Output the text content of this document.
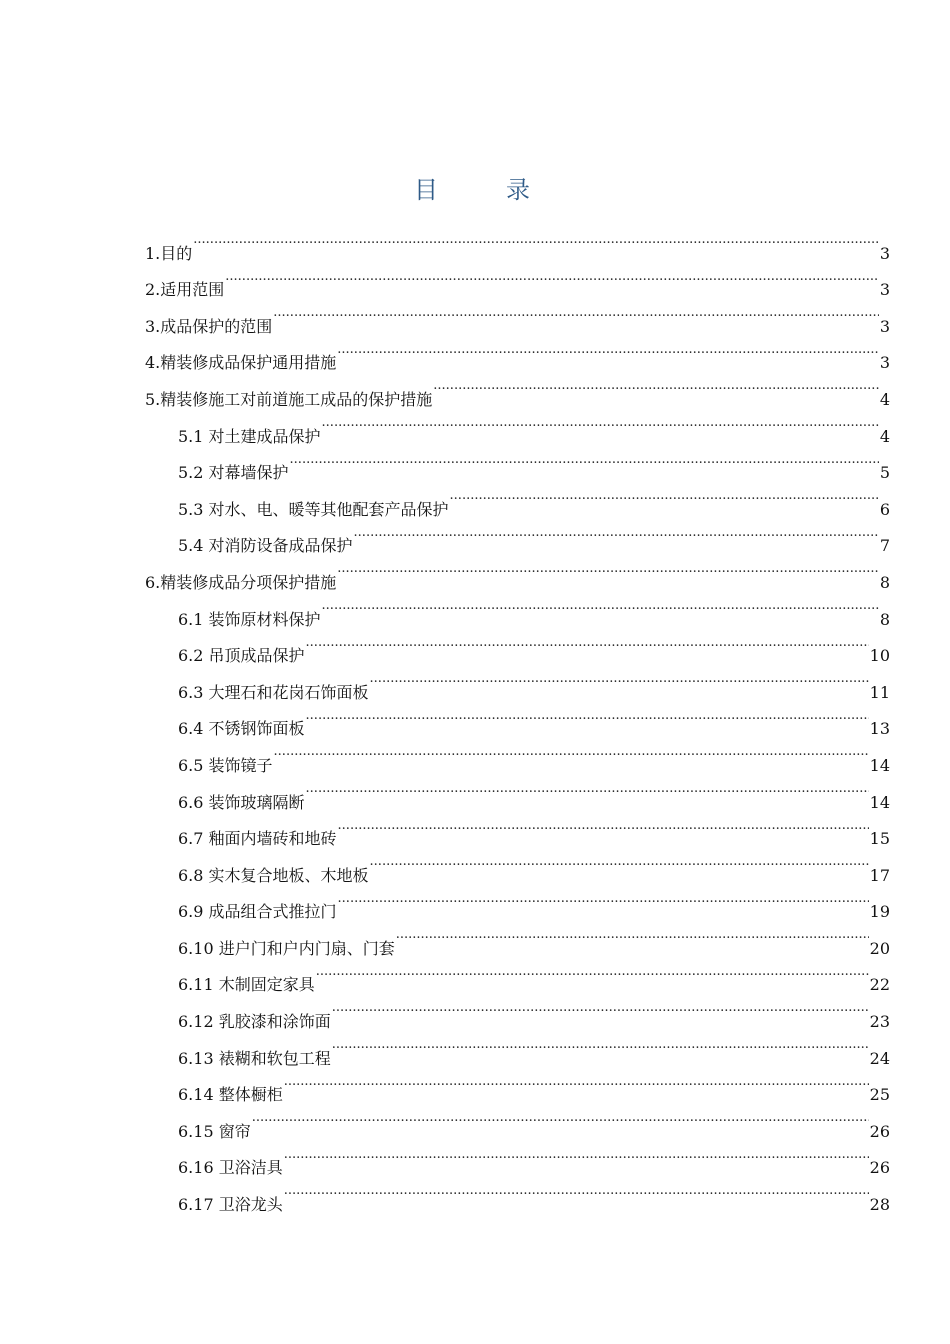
目　录
1.目的 .....	3
2.适用范围 .....	3
3.成品保护的范围 .....	3
4.精装修成品保护通用措施 .....	3
5.精装修施工对前道施工成品的保护措施 .....	4
5.1 对土建成品保护 .....	4
5.2 对幕墙保护 .....	5
5.3 对水、电、暖等其他配套产品保护 .....	6
5.4 对消防设备成品保护 .....	7
6.精装修成品分项保护措施 .....	8
6.1 装饰原材料保护 .....	8
6.2 吊顶成品保护 .....	10
6.3 大理石和花岗石饰面板 .....	11
6.4 不锈钢饰面板 .....	13
6.5 装饰镜子 .....	14
6.6 装饰玻璃隔断 .....	14
6.7 釉面内墙砖和地砖 .....	15
6.8 实木复合地板、木地板 .....	17
6.9 成品组合式推拉门 .....	19
6.10 进户门和户内门扇、门套 .....	20
6.11 木制固定家具 .....	22
6.12 乳胶漆和涂饰面 .....	23
6.13 裱糊和软包工程 .....	24
6.14 整体橱柜 .....	25
6.15 窗帘 .....	26
6.16 卫浴洁具 .....	26
6.17 卫浴龙头 .....	28
